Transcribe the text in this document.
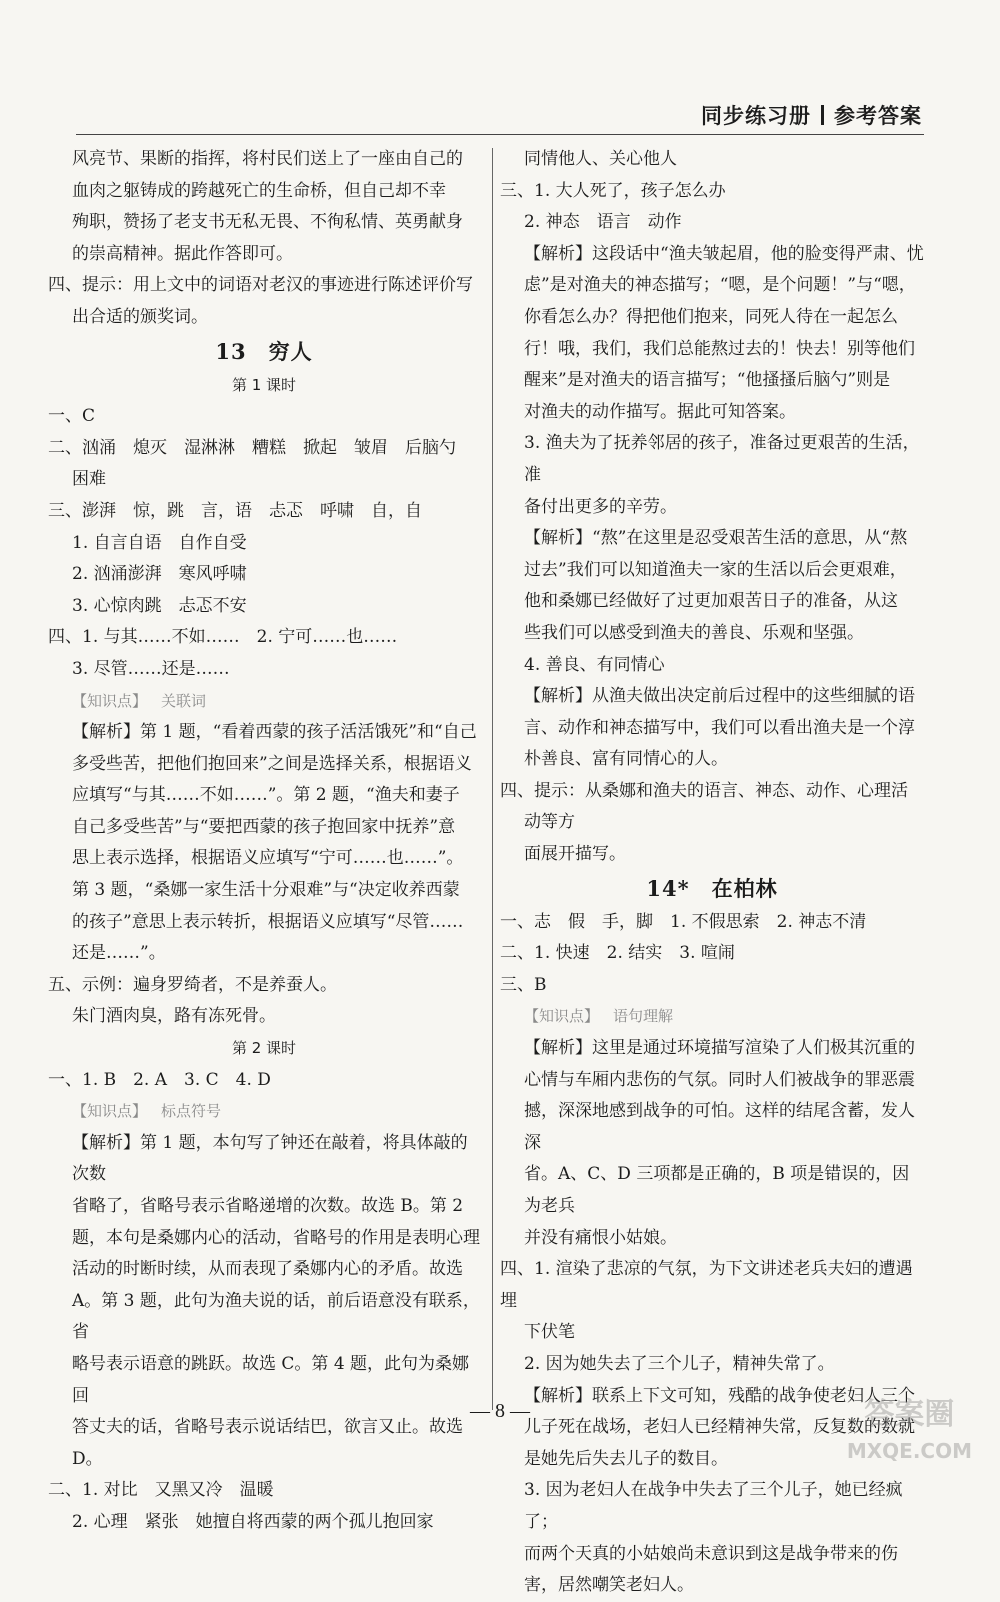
同步练习册 参考答案

风亮节、果断的指挥，将村民们送上了一座由自己的

血肉之躯铸成的跨越死亡的生命桥，但自己却不幸

殉职，赞扬了老支书无私无畏、不徇私情、英勇献身

的崇高精神。据此作答即可。

四、提示：用上文中的词语对老汉的事迹进行陈述评价写

出合适的颁奖词。

13　穷人

第 1 课时

一、C

二、汹涌　熄灭　湿淋淋　糟糕　掀起　皱眉　后脑勺

困难

三、澎湃　惊，跳　言，语　忐忑　呼啸　自，自

1. 自言自语　自作自受

2. 汹涌澎湃　寒风呼啸

3. 心惊肉跳　忐忑不安

四、1. 与其……不如……　2. 宁可……也……

3. 尽管……还是……

【知识点】 关联词

【解析】第 1 题，“看着西蒙的孩子活活饿死”和“自己

多受些苦，把他们抱回来”之间是选择关系，根据语义

应填写“与其……不如……”。第 2 题，“渔夫和妻子

自己多受些苦”与“要把西蒙的孩子抱回家中抚养”意

思上表示选择，根据语义应填写“宁可……也……”。

第 3 题，“桑娜一家生活十分艰难”与“决定收养西蒙

的孩子”意思上表示转折，根据语义应填写“尽管……

还是……”。

五、示例：遍身罗绮者，不是养蚕人。

朱门酒肉臭，路有冻死骨。

第 2 课时

一、1. B　2. A　3. C　4. D

【知识点】 标点符号

【解析】第 1 题，本句写了钟还在敲着，将具体敲的次数

省略了，省略号表示省略递增的次数。故选 B。第 2

题，本句是桑娜内心的活动，省略号的作用是表明心理

活动的时断时续，从而表现了桑娜内心的矛盾。故选

A。第 3 题，此句为渔夫说的话，前后语意没有联系，省

略号表示语意的跳跃。故选 C。第 4 题，此句为桑娜回

答丈夫的话，省略号表示说话结巴，欲言又止。故选 D。

二、1. 对比　又黑又冷　温暖

2. 心理　紧张　她擅自将西蒙的两个孤儿抱回家

同情他人、关心他人

三、1. 大人死了，孩子怎么办

2. 神态　语言　动作

【解析】这段话中“渔夫皱起眉，他的脸变得严肃、忧

虑”是对渔夫的神态描写；“嗯，是个问题！”与“嗯，

你看怎么办？得把他们抱来，同死人待在一起怎么

行！哦，我们，我们总能熬过去的！快去！别等他们

醒来”是对渔夫的语言描写；“他搔搔后脑勺”则是

对渔夫的动作描写。据此可知答案。

3. 渔夫为了抚养邻居的孩子，准备过更艰苦的生活，准

备付出更多的辛劳。

【解析】“熬”在这里是忍受艰苦生活的意思，从“熬

过去”我们可以知道渔夫一家的生活以后会更艰难，

他和桑娜已经做好了过更加艰苦日子的准备，从这

些我们可以感受到渔夫的善良、乐观和坚强。

4. 善良、有同情心

【解析】从渔夫做出决定前后过程中的这些细腻的语

言、动作和神态描写中，我们可以看出渔夫是一个淳

朴善良、富有同情心的人。

四、提示：从桑娜和渔夫的语言、神态、动作、心理活动等方

面展开描写。

14*　在柏林

一、志　假　手，脚　1. 不假思索　2. 神志不清

二、1. 快速　2. 结实　3. 喧闹

三、B

【知识点】 语句理解

【解析】这里是通过环境描写渲染了人们极其沉重的

心情与车厢内悲伤的气氛。同时人们被战争的罪恶震

撼，深深地感到战争的可怕。这样的结尾含蓄，发人深

省。A、C、D 三项都是正确的，B 项是错误的，因为老兵

并没有痛恨小姑娘。

四、1. 渲染了悲凉的气氛，为下文讲述老兵夫妇的遭遇埋

下伏笔

2. 因为她失去了三个儿子，精神失常了。

【解析】联系上下文可知，残酷的战争使老妇人三个

儿子死在战场，老妇人已经精神失常，反复数的数就

是她先后失去儿子的数目。

3. 因为老妇人在战争中失去了三个儿子，她已经疯了；

而两个天真的小姑娘尚未意识到这是战争带来的伤

害，居然嘲笑老妇人。

— 8 —	答案圈
MXQE.COM
